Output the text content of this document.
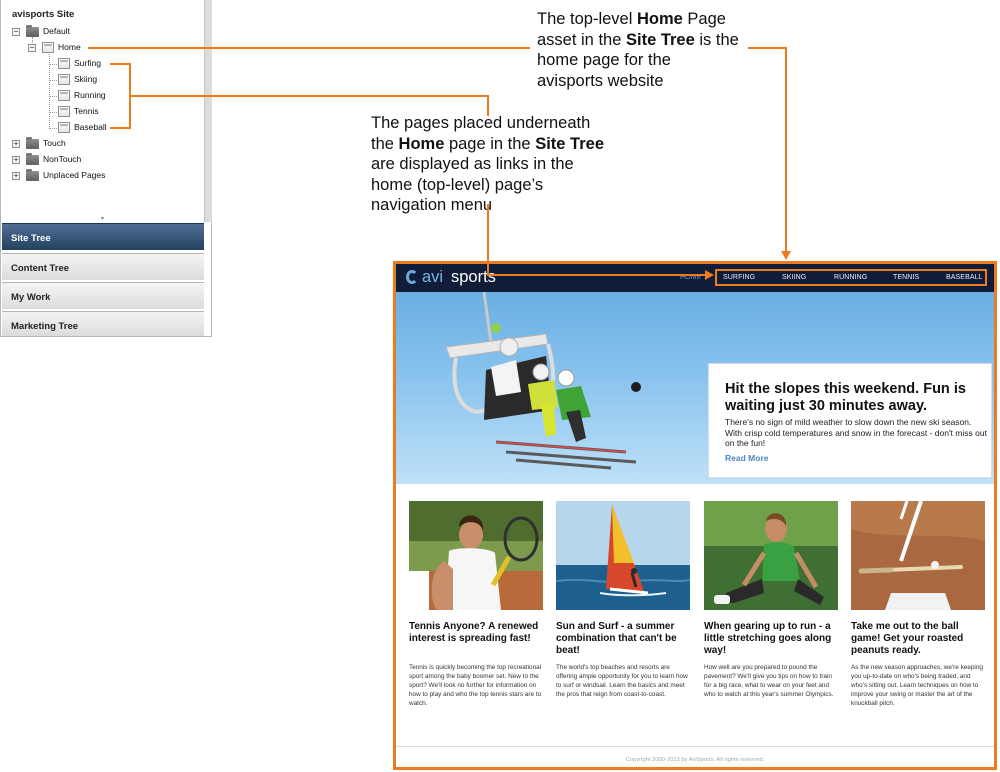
avisports Site
−	Default
−	Home
Surfing
Skiing
Running
Tennis
Baseball
+	Touch
+	NonTouch
+	Unplaced Pages
▾
Site Tree
Content Tree
My Work
Marketing Tree
The top-level Home Page
asset in the Site Tree is the
home page for the
avisports website
The pages placed underneath
the Home page in the Site Tree
are displayed as links in the
home (top-level) page’s
navigation menu
avi sports	HOME	SURFING	SKIING	RUNNING	TENNIS	BASEBALL
Hit the slopes this weekend. Fun is waiting just 30 minutes away.
There's no sign of mild weather to slow down the new ski season. With crisp cold temperatures and snow in the forecast - don't miss out on the fun!
Read More
Tennis Anyone? A renewed interest is spreading fast!
Tennis is quickly becoming the top recreational sport among the baby boomer set. New to the sport? We'll look no further for information on how to play and who the top tennis stars are to watch.
Sun and Surf - a summer combination that can't be beat!
The world's top beaches and resorts are offering ample opportunity for you to learn how to surf or windsail. Learn the basics and meet the pros that reign from coast-to-coast.
When gearing up to run - a little stretching goes along way!
How well are you prepared to pound the pavement? We'll give you tips on how to train for a big race, what to wear on your feet and who to watch at this year's summer Olympics.
Take me out to the ball game! Get your roasted peanuts ready.
As the new season approaches, we're keeping you up-to-date on who's being traded, and who's sitting out. Learn techniques on how to improve your swing or master the art of the knuckball pitch.
Copyright 2000-2013 by AviSports. All rights reserved.
